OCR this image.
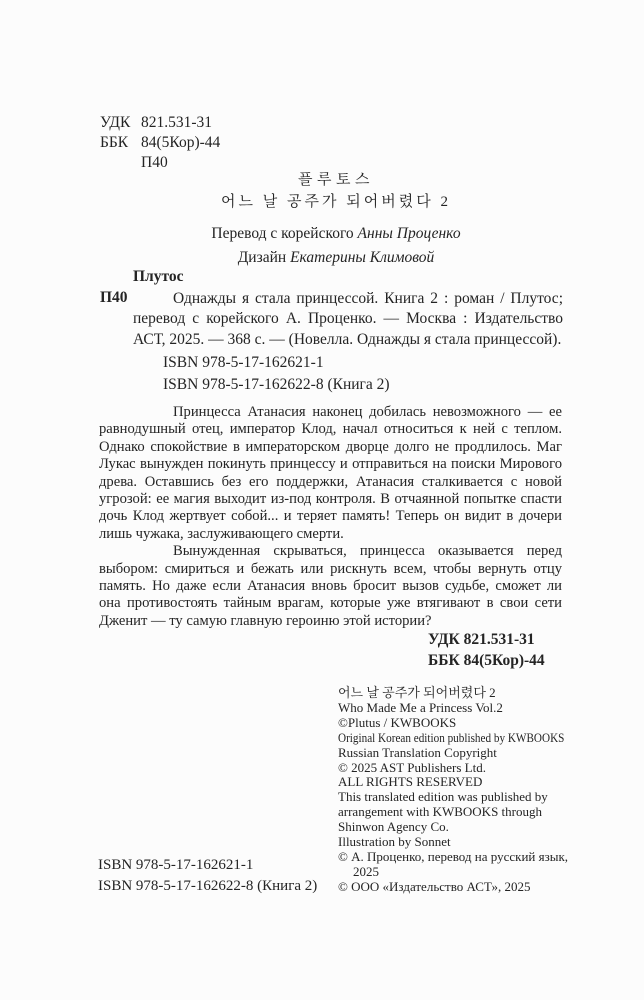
УДК 821.531-31
ББК 84(5Кор)-44
П40
플루토스
어느 날 공주가 되어버렸다 2
Перевод с корейского Анны Проценко
Дизайн Екатерины Климовой
Плутос
П40	Однажды я стала принцессой. Книга 2 : роман / Плутос; перевод с корейского А. Проценко. — Москва : Издательство АСТ, 2025. — 368 с. — (Новелла. Однажды я стала принцессой).
ISBN 978-5-17-162621-1
ISBN 978-5-17-162622-8 (Книга 2)

Принцесса Атанасия наконец добилась невозможного — ее равнодушный отец, император Клод, начал относиться к ней с теплом. Однако спокойствие в императорском дворце долго не продлилось. Маг Лукас вынужден покинуть принцессу и отправиться на поиски Мирового древа. Оставшись без его поддержки, Атанасия сталкивается с новой угрозой: ее магия выходит из-под контроля. В отчаянной попытке спасти дочь Клод жертвует собой... и теряет память! Теперь он видит в дочери лишь чужака, заслуживающего смерти.

Вынужденная скрываться, принцесса оказывается перед выбором: смириться и бежать или рискнуть всем, чтобы вернуть отцу память. Но даже если Атанасия вновь бросит вызов судьбе, сможет ли она противостоять тайным врагам, которые уже втягивают в свои сети Дженит — ту самую главную героиню этой истории?

УДК 821.531-31
ББК 84(5Кор)-44
어느 날 공주가 되어버렸다 2
Who Made Me a Princess Vol.2
©Plutus / KWBOOKS
Original Korean edition published by KWBOOKS
Russian Translation Copyright
© 2025 AST Publishers Ltd.
ALL RIGHTS RESERVED
This translated edition was published by
arrangement with KWBOOKS through
Shinwon Agency Co.
Illustration by Sonnet
© А. Проценко, перевод на русский язык,
2025
© ООО «Издательство АСТ», 2025
ISBN 978-5-17-162621-1
ISBN 978-5-17-162622-8 (Книга 2)
